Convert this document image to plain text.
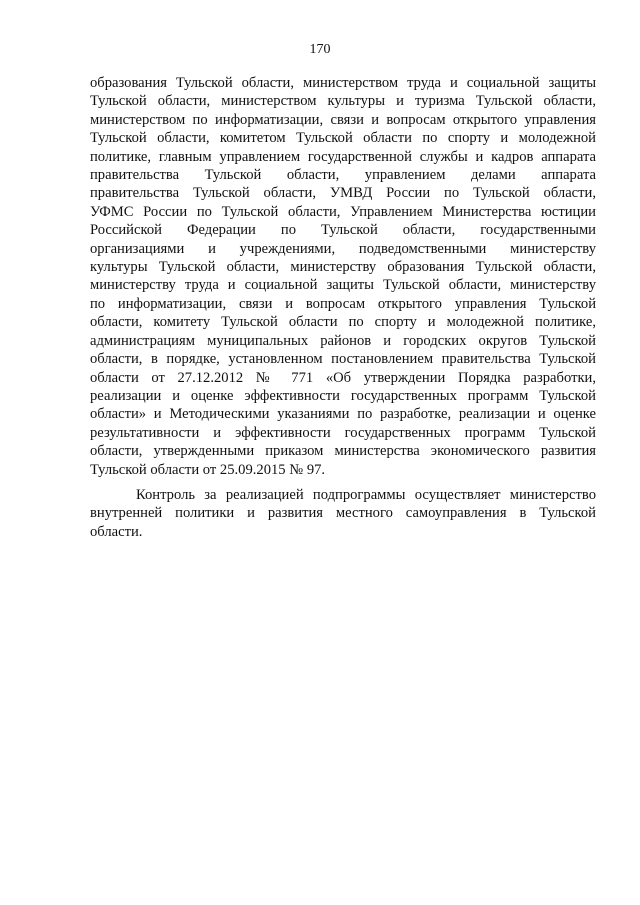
170

образования Тульской области, министерством труда и социальной защиты
Тульской области, министерством культуры и туризма Тульской области,
министерством по информатизации, связи и вопросам открытого управления
Тульской области, комитетом Тульской области по спорту и молодежной
политике, главным управлением государственной службы и кадров аппарата
правительства Тульской области, управлением делами аппарата
правительства Тульской области, УМВД России по Тульской области,
УФМС России по Тульской области, Управлением Министерства юстиции
Российской Федерации по Тульской области, государственными
организациями и учреждениями, подведомственными министерству
культуры Тульской области, министерству образования Тульской области,
министерству труда и социальной защиты Тульской области, министерству
по информатизации, связи и вопросам открытого управления Тульской
области, комитету Тульской области по спорту и молодежной политике,
администрациям муниципальных районов и городских округов Тульской
области, в порядке, установленном постановлением правительства Тульской
области от 27.12.2012 № 771 «Об утверждении Порядка разработки,
реализации и оценке эффективности государственных программ Тульской
области» и Методическими указаниями по разработке, реализации и оценке
результативности и эффективности государственных программ Тульской
области, утвержденными приказом министерства экономического развития
Тульской области от 25.09.2015 № 97.

Контроль за реализацией подпрограммы осуществляет министерство
внутренней политики и развития местного самоуправления в Тульской
области.
